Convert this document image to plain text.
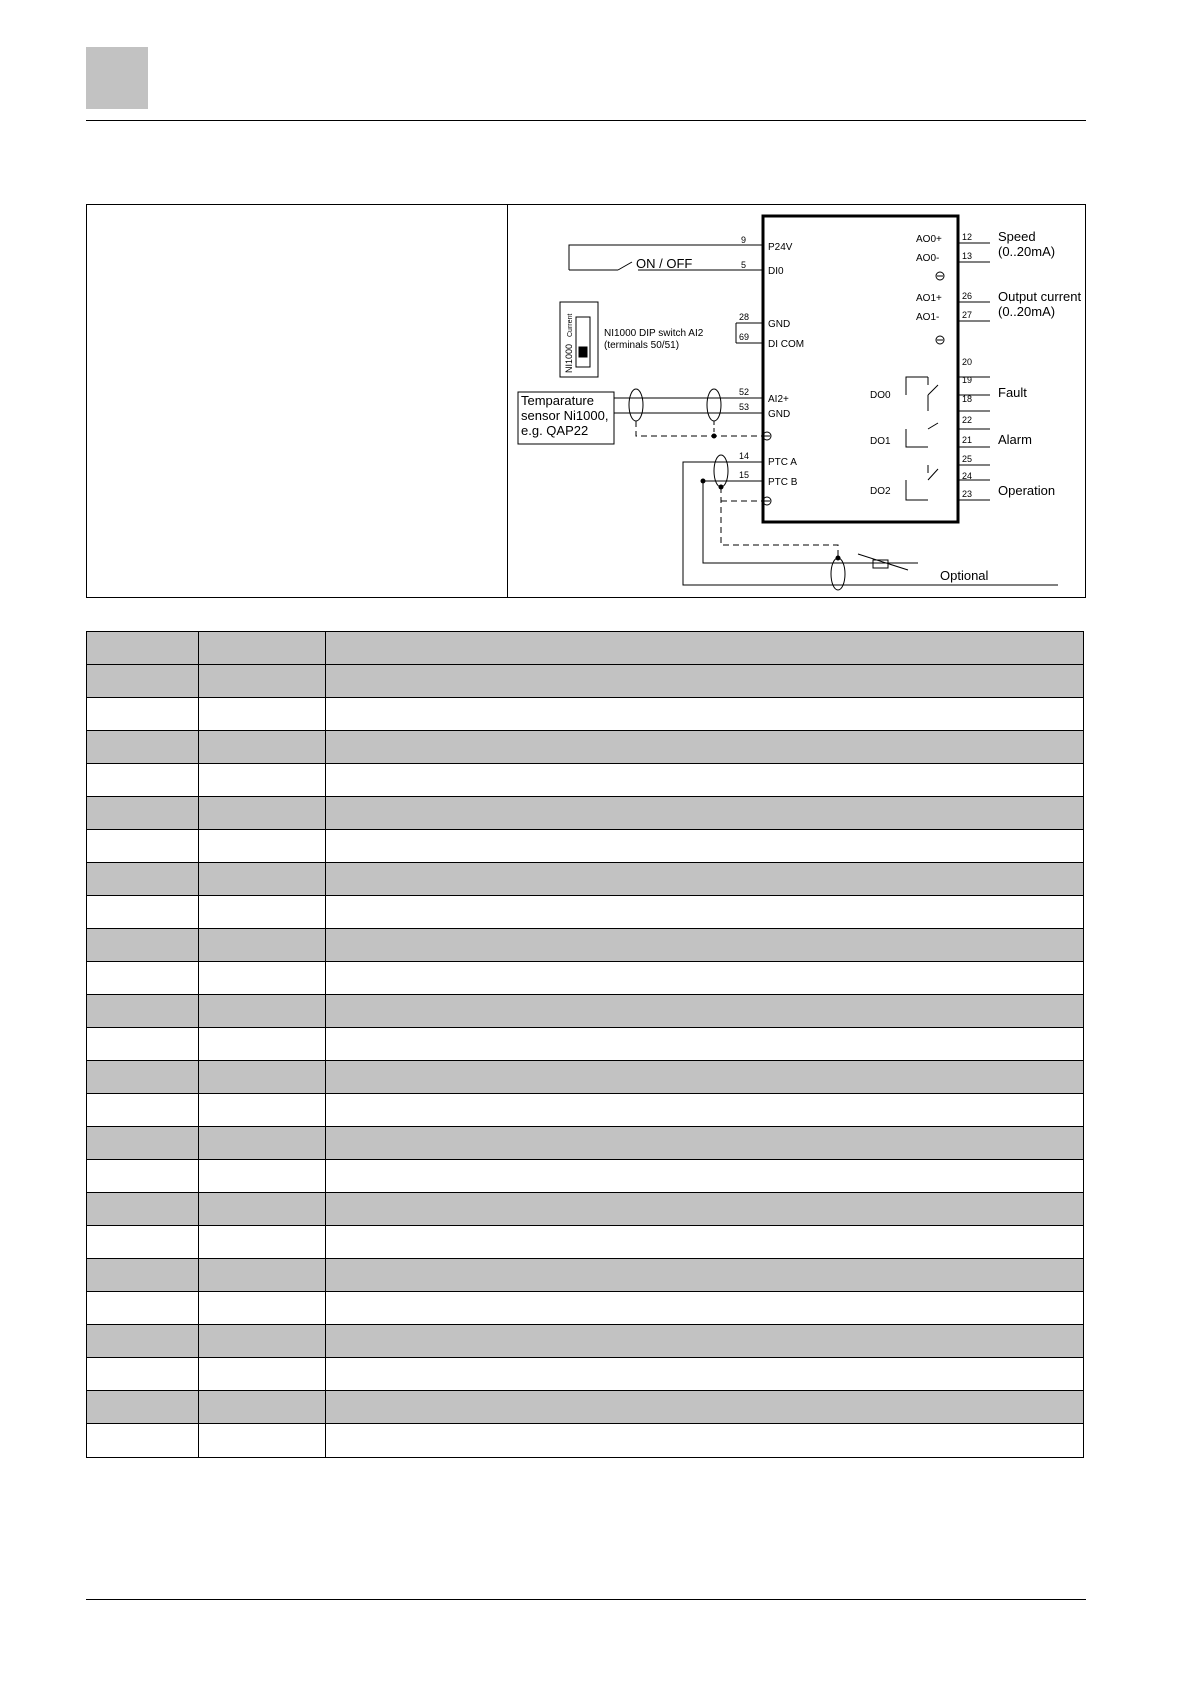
NI1000
Current	NI1000 DIP switch AI2
(terminals 50/51)
Temparature
sensor Ni1000,
e.g. QAP22
ON / OFF
9
5
28
69
52
53
14
15
P24V
DI0
GND
DI COM
AI2+
GND
PTC A
PTC B
AO0+
AO0-
AO1+
AO1-
DO0
DO1
DO2
12
13
26
27
20
19
18
22
21
25
24
23
Speed
(0..20mA)
Output current
(0..20mA)
Fault
Alarm
Operation
Optional
